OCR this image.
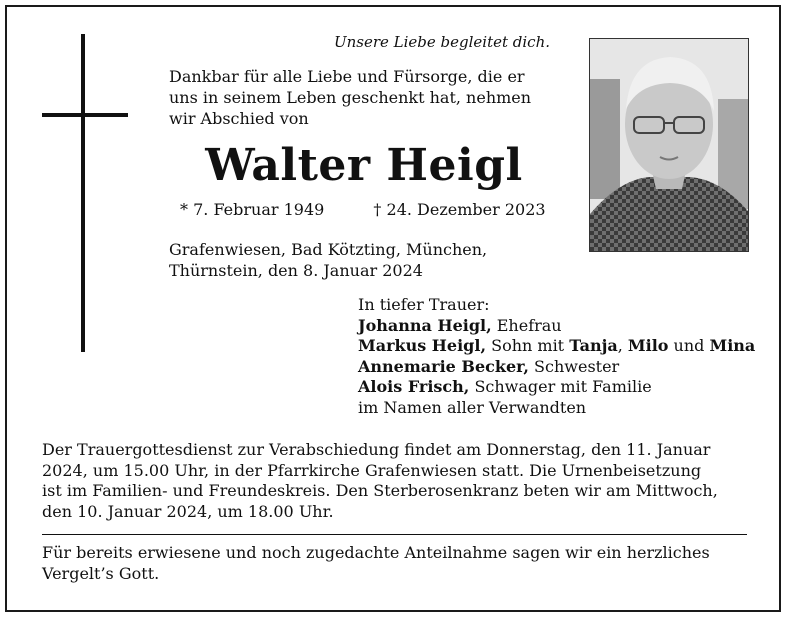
Unsere Liebe begleitet dich.
Dankbar für alle Liebe und Fürsorge, die er
uns in seinem Leben geschenkt hat, nehmen
wir Abschied von
Walter Heigl
* 7. Februar 1949	† 24. Dezember 2023
Grafenwiesen, Bad Kötzting, München,
Thürnstein, den 8. Januar 2024
In tiefer Trauer:
Johanna Heigl, Ehefrau
Markus Heigl, Sohn mit Tanja, Milo und Mina
Annemarie Becker, Schwester
Alois Frisch, Schwager mit Familie
im Namen aller Verwandten
Der Trauergottesdienst zur Verabschiedung findet am Donnerstag, den 11. Januar
2024, um 15.00 Uhr, in der Pfarrkirche Grafenwiesen statt. Die Urnenbeisetzung
ist im Familien- und Freundeskreis. Den Sterberosenkranz beten wir am Mittwoch,
den 10. Januar 2024, um 18.00 Uhr.
Für bereits erwiesene und noch zugedachte Anteilnahme sagen wir ein herzliches
Vergelt’s Gott.
